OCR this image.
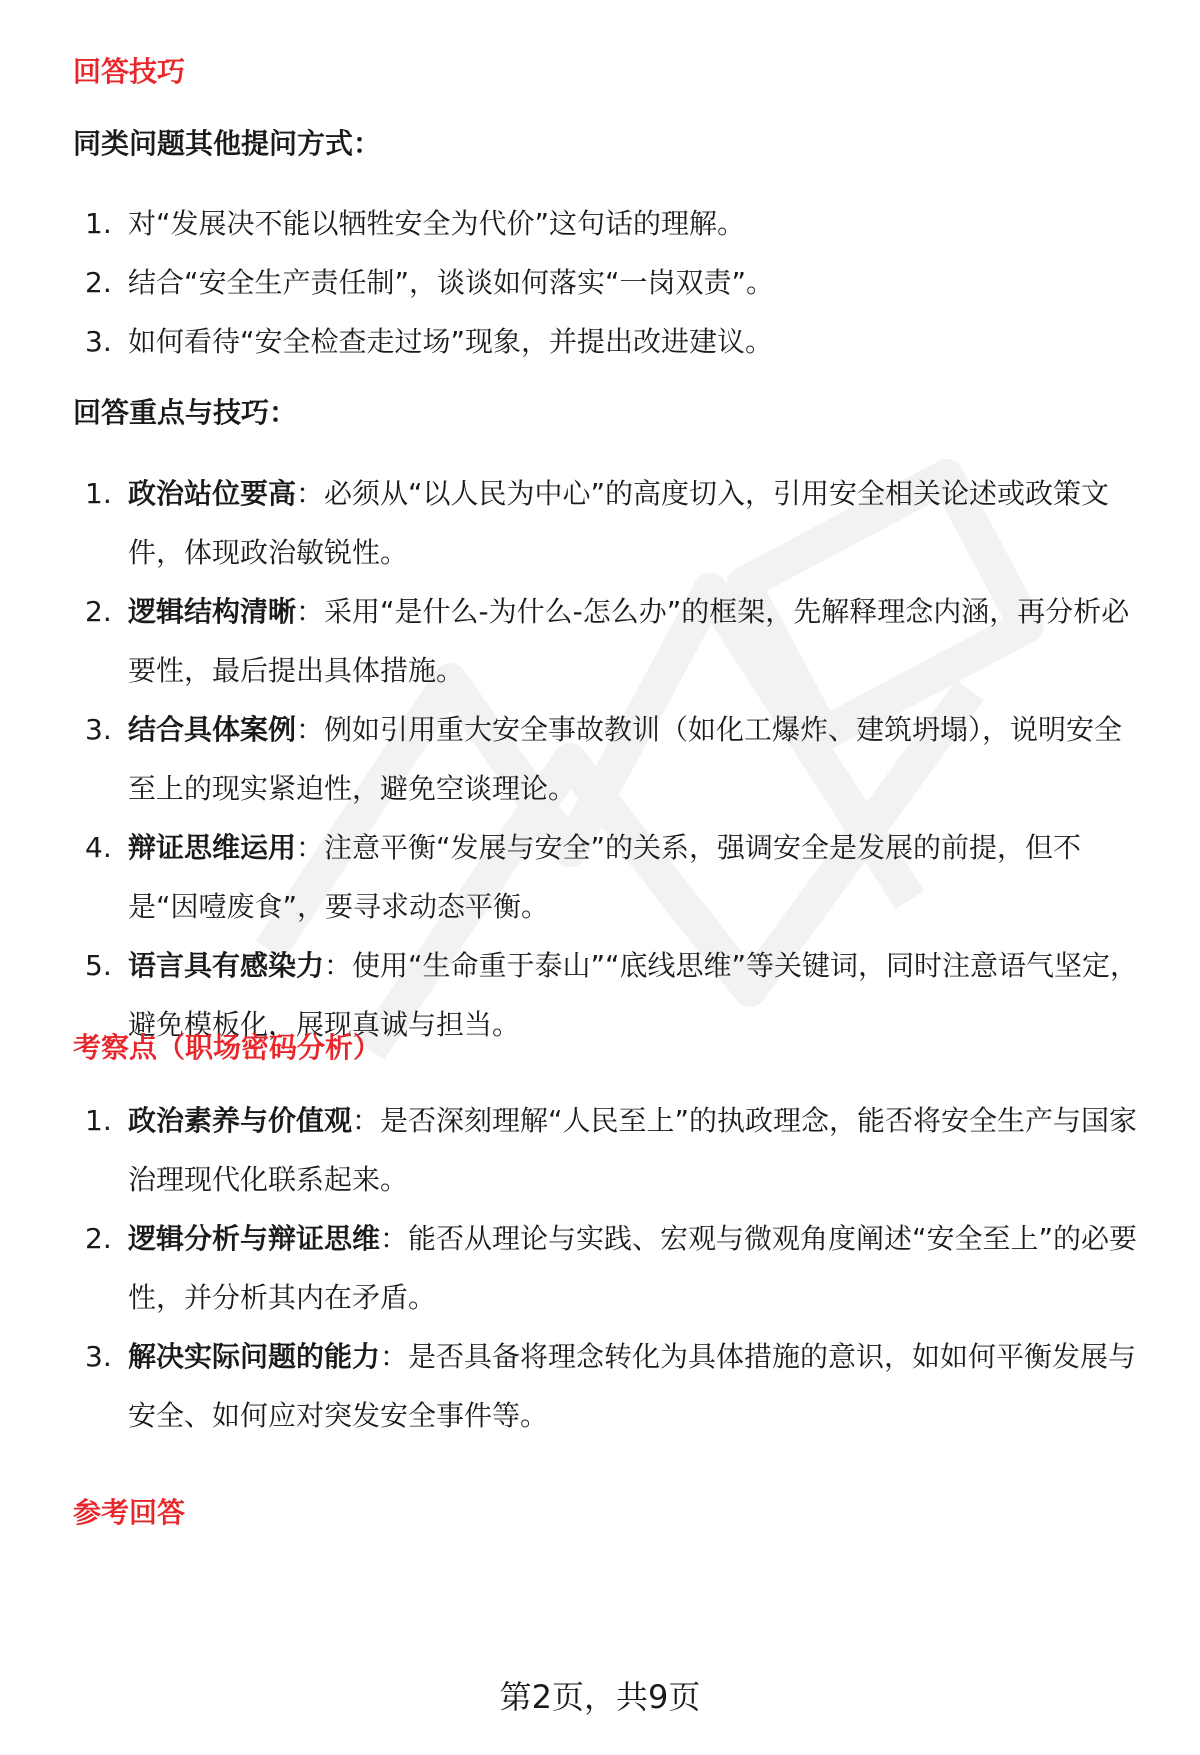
回答技巧
同类问题其他提问方式：
1. 对“发展决不能以牺牲安全为代价”这句话的理解。
2. 结合“安全生产责任制”，谈谈如何落实“一岗双责”。
3. 如何看待“安全检查走过场”现象，并提出改进建议。
回答重点与技巧：
1. 政治站位要高：必须从“以人民为中心”的高度切入，引用安全相关论述或政策文件，体现政治敏锐性。
2. 逻辑结构清晰：采用“是什么-为什么-怎么办”的框架，先解释理念内涵，再分析必要性，最后提出具体措施。
3. 结合具体案例：例如引用重大安全事故教训（如化工爆炸、建筑坍塌），说明安全至上的现实紧迫性，避免空谈理论。
4. 辩证思维运用：注意平衡“发展与安全”的关系，强调安全是发展的前提，但不是“因噎废食”，要寻求动态平衡。
5. 语言具有感染力：使用“生命重于泰山”“底线思维”等关键词，同时注意语气坚定，避免模板化，展现真诚与担当。
考察点（职场密码分析）
1. 政治素养与价值观：是否深刻理解“人民至上”的执政理念，能否将安全生产与国家治理现代化联系起来。
2. 逻辑分析与辩证思维：能否从理论与实践、宏观与微观角度阐述“安全至上”的必要性，并分析其内在矛盾。
3. 解决实际问题的能力：是否具备将理念转化为具体措施的意识，如如何平衡发展与安全、如何应对突发安全事件等。
参考回答
第2页，共9页
